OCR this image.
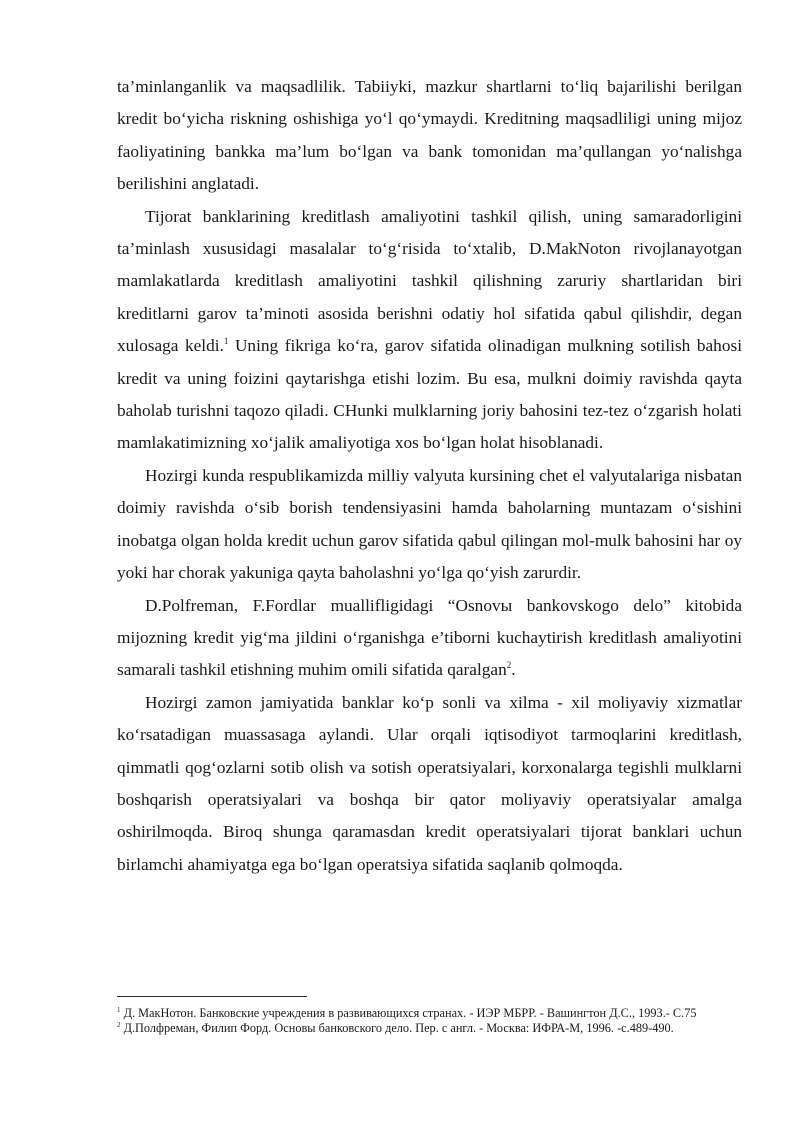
ta’minlanganlik va maqsadlilik. Tabiiyki, mazkur shartlarni to‘liq bajarilishi berilgan kredit bo‘yicha riskning oshishiga yo‘l qo‘ymaydi. Kreditning maqsadliligi uning mijoz faoliyatining bankka ma’lum bo‘lgan va bank tomonidan ma’qullangan yo‘nalishga berilishini anglatadi.

Tijorat banklarining kreditlash amaliyotini tashkil qilish, uning samaradorligini ta’minlash xususidagi masalalar to‘g‘risida to‘xtalib, D.MakNoton rivojlanayotgan mamlakatlarda kreditlash amaliyotini tashkil qilishning zaruriy shartlaridan biri kreditlarni garov ta’minoti asosida berishni odatiy hol sifatida qabul qilishdir, degan xulosaga keldi.$^1$ Uning fikriga ko‘ra, garov sifatida olinadigan mulkning sotilish bahosi kredit va uning foizini qaytarishga etishi lozim. Bu esa, mulkni doimiy ravishda qayta baholab turishni taqozo qiladi. CHunki mulklarning joriy bahosini tez-tez o‘zgarish holati mamlakatimizning xo‘jalik amaliyotiga xos bo‘lgan holat hisoblanadi.

Hozirgi kunda respublikamizda milliy valyuta kursining chet el valyutalariga nisbatan doimiy ravishda o‘sib borish tendensiyasini hamda baholarning muntazam o‘sishini inobatga olgan holda kredit uchun garov sifatida qabul qilingan mol-mulk bahosini har oy yoki har chorak yakuniga qayta baholashni yo‘lga qo‘yish zarurdir.

D.Polfreman, F.Fordlar muallifligidagi “Osnovы bankovskogo delo” kitobida mijozning kredit yig‘ma jildini o‘rganishga e’tiborni kuchaytirish kreditlash amaliyotini samarali tashkil etishning muhim omili sifatida qaralgan$^2$.

Hozirgi zamon jamiyatida banklar ko‘p sonli va xilma - xil moliyaviy xizmatlar ko‘rsatadigan muassasaga aylandi. Ular orqali iqtisodiyot tarmoqlarini kreditlash, qimmatli qog‘ozlarni sotib olish va sotish operatsiyalari, korxonalarga tegishli mulklarni boshqarish operatsiyalari va boshqa bir qator moliyaviy operatsiyalar amalga oshirilmoqda. Biroq shunga qaramasdan kredit operatsiyalari tijorat banklari uchun birlamchi ahamiyatga ega bo‘lgan operatsiya sifatida saqlanib qolmoqda.

$^1$ Д. МакНотон. Банковские учреждения в развивающихся странах. - ИЭР МБРР. - Вашингтон Д.С., 1993.- С.75

$^2$ Д.Полфреман, Филип Форд. Основы банковского дело. Пер. с англ. - Москва: ИФРА-М, 1996. -с.489-490.
